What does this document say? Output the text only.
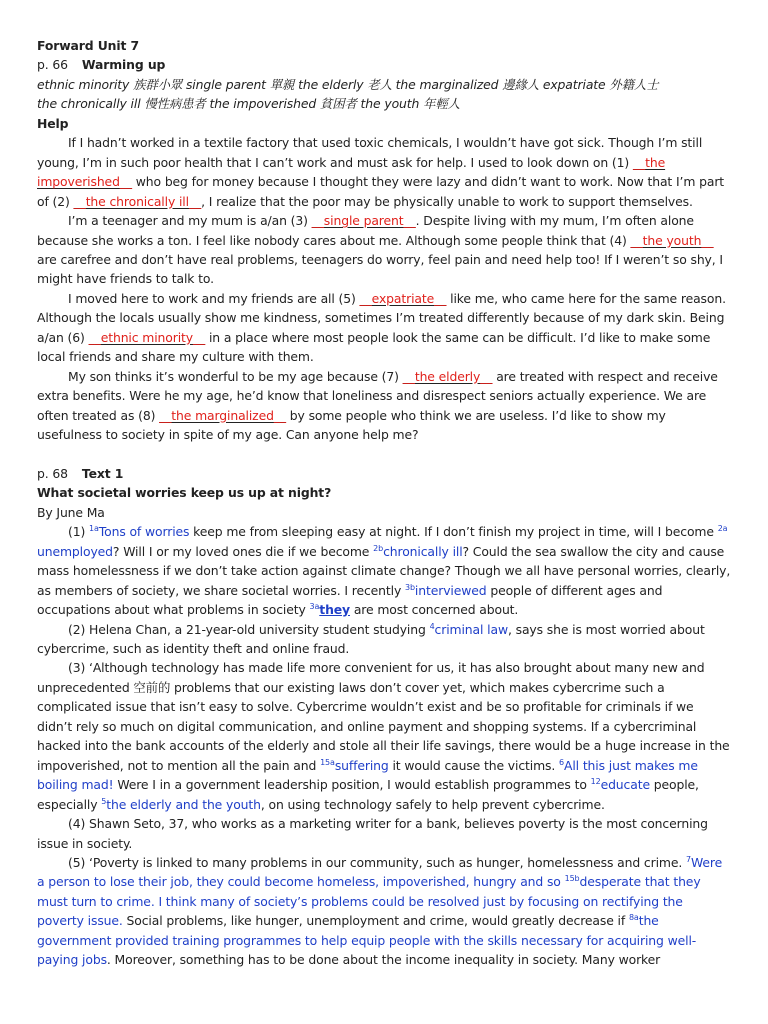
Forward Unit 7

p. 66 Warming up

ethnic minority 族群小眾 single parent 單親 the elderly 老人 the marginalized 邊緣人 expatriate 外籍人士

the chronically ill 慢性病患者 the impoverished 貧困者 the youth 年輕人

Help

If I hadn’t worked in a textile factory that used toxic chemicals, I wouldn’t have got sick. Though I’m still young, I’m in such poor health that I can’t work and must ask for help. I used to look down on (1) __the impoverished__ who beg for money because I thought they were lazy and didn’t want to work. Now that I’m part of (2) __the chronically ill__, I realize that the poor may be physically unable to work to support themselves.

I’m a teenager and my mum is a/an (3) __single parent__. Despite living with my mum, I’m often alone because she works a ton. I feel like nobody cares about me. Although some people think that (4) __the youth__ are carefree and don’t have real problems, teenagers do worry, feel pain and need help too! If I weren’t so shy, I might have friends to talk to.

I moved here to work and my friends are all (5) __expatriate__ like me, who came here for the same reason. Although the locals usually show me kindness, sometimes I’m treated differently because of my dark skin. Being a/an (6) __ethnic minority__ in a place where most people look the same can be difficult. I’d like to make some local friends and share my culture with them.

My son thinks it’s wonderful to be my age because (7) __the elderly__ are treated with respect and receive extra benefits. Were he my age, he’d know that loneliness and disrespect seniors actually experience. We are often treated as (8) __the marginalized__ by some people who think we are useless. I’d like to show my usefulness to society in spite of my age. Can anyone help me?

p. 68 Text 1

What societal worries keep us up at night?

By June Ma

(1) $^{1a}$Tons of worries keep me from sleeping easy at night. If I don’t finish my project in time, will I become $^{2a}$ unemployed? Will I or my loved ones die if we become $^{2b}$chronically ill? Could the sea swallow the city and cause mass homelessness if we don’t take action against climate change? Though we all have personal worries, clearly, as members of society, we share societal worries. I recently $^{3b}$interviewed people of different ages and occupations about what problems in society $^{3a}$they are most concerned about.

(2) Helena Chan, a 21-year-old university student studying $^4$criminal law, says she is most worried about cybercrime, such as identity theft and online fraud.

(3) ‘Although technology has made life more convenient for us, it has also brought about many new and unprecedented 空前的 problems that our existing laws don’t cover yet, which makes cybercrime such a complicated issue that isn’t easy to solve. Cybercrime wouldn’t exist and be so profitable for criminals if we didn’t rely so much on digital communication, and online payment and shopping systems. If a cybercriminal hacked into the bank accounts of the elderly and stole all their life savings, there would be a huge increase in the impoverished, not to mention all the pain and $^{15a}$suffering it would cause the victims. $^6$All this just makes me boiling mad! Were I in a government leadership position, I would establish programmes to $^{12}$educate people, especially $^5$the elderly and the youth, on using technology safely to help prevent cybercrime.

(4) Shawn Seto, 37, who works as a marketing writer for a bank, believes poverty is the most concerning issue in society.

(5) ‘Poverty is linked to many problems in our community, such as hunger, homelessness and crime. $^7$Were a person to lose their job, they could become homeless, impoverished, hungry and so $^{15b}$desperate that they must turn to crime. I think many of society’s problems could be resolved just by focusing on rectifying the poverty issue. Social problems, like hunger, unemployment and crime, would greatly decrease if $^{8a}$the government provided training programmes to help equip people with the skills necessary for acquiring well-paying jobs. Moreover, something has to be done about the income inequality in society. Many worker
